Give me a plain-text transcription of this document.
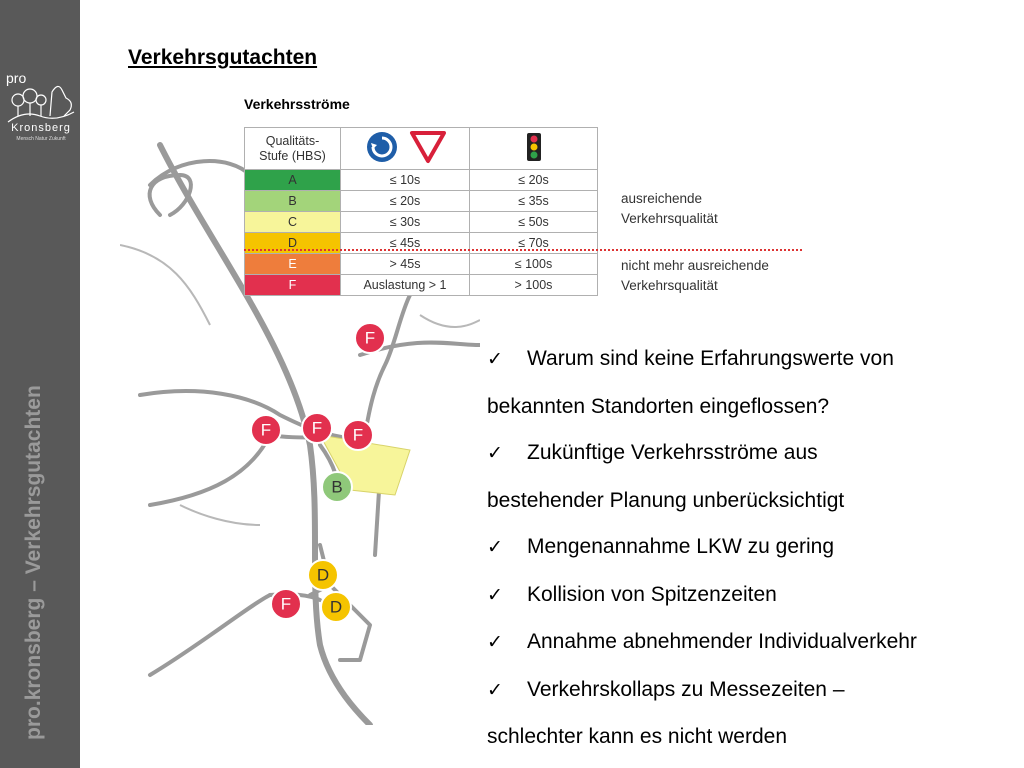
pro
Kronsberg
Mensch Natur Zukunft
pro.kronsberg – Verkehrsgutachten
Verkehrsgutachten
Verkehrsströme
F
F F F
B
D
F D
Qualitäts-
Stufe (HBS)

A	≤ 10s	≤ 20s
B	≤ 20s	≤ 35s
C	≤ 30s	≤ 50s
D	≤ 45s	≤ 70s
E	> 45s	≤ 100s
F	Auslastung > 1	> 100s
ausreichende
Verkehrsqualität
nicht mehr ausreichende
Verkehrsqualität
✓ Warum sind keine Erfahrungswerte von
bekannten Standorten eingeflossen?
✓ Zukünftige Verkehrsströme aus
bestehender Planung unberücksichtigt
✓ Mengenannahme LKW zu gering
✓ Kollision von Spitzenzeiten
✓ Annahme abnehmender Individualverkehr
✓ Verkehrskollaps zu Messezeiten –
schlechter kann es nicht werden
